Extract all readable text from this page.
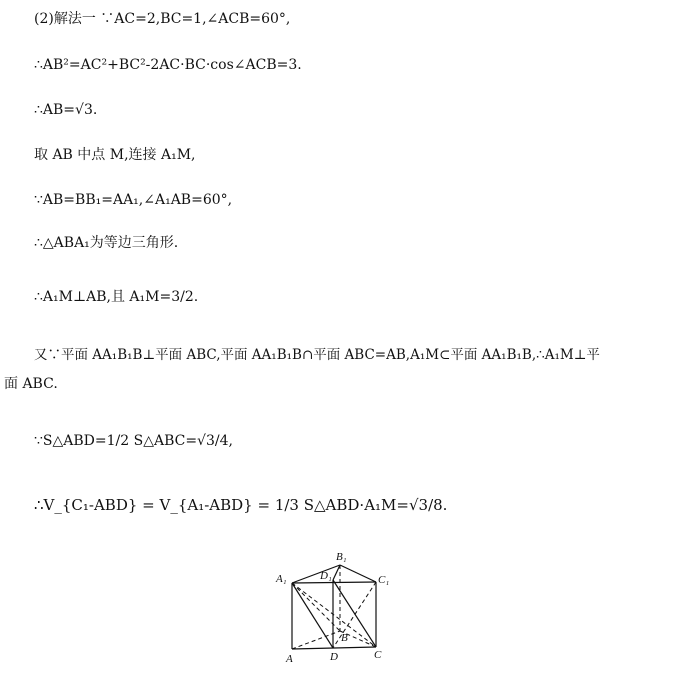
(2)解法一 ∵AC=2,BC=1,∠ACB=60°,
∴AB²=AC²+BC²-2AC·BC·cos∠ACB=3.
∴AB=√3.
取 AB 中点 M,连接 A₁M,
∵AB=BB₁=AA₁,∠A₁AB=60°,
∴△ABA₁为等边三角形.
∴A₁M⊥AB,且 A₁M=3/2.
又∵平面 AA₁B₁B⊥平面 ABC,平面 AA₁B₁B∩平面 ABC=AB,A₁M⊂平面 AA₁B₁B,∴A₁M⊥平
面 ABC.
∵S△ABD=1/2 S△ABC=√3/4,
∴V_{C₁-ABD} = V_{A₁-ABD} = 1/3 S△ABD·A₁M=√3/8.
B₁
A₁	D₁	C₁
B
A	D	C
